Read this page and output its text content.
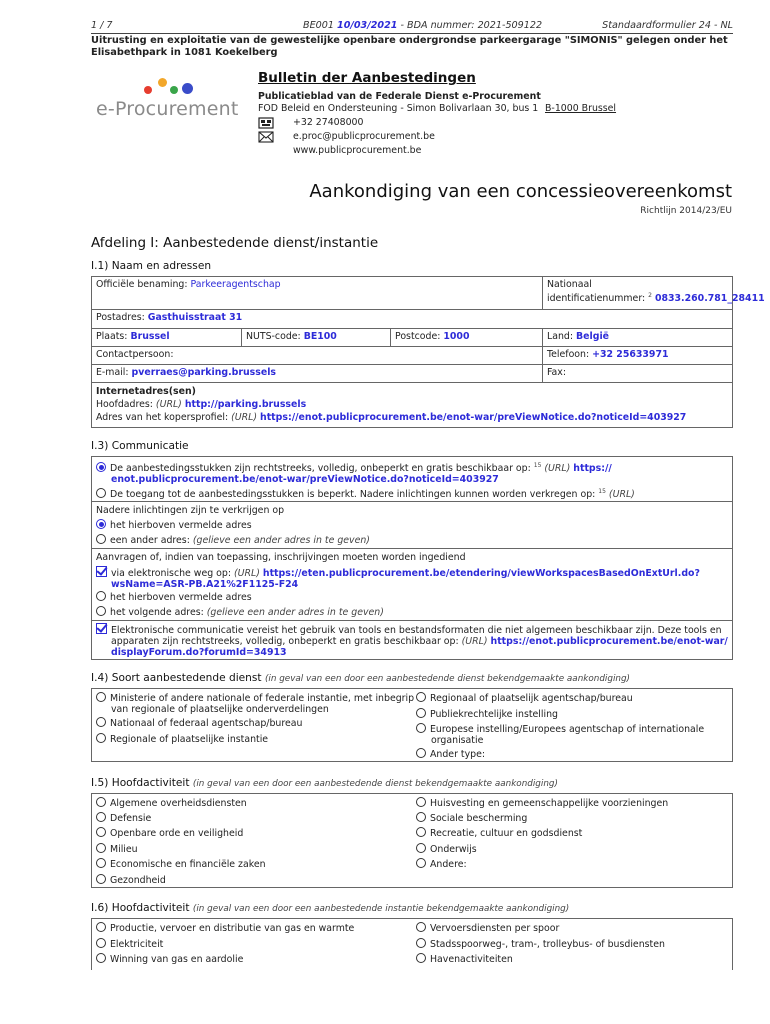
1 / 7	BE001 10/03/2021 - BDA nummer: 2021-509122	Standaardformulier 24 - NL
Uitrusting en exploitatie van de gewestelijke openbare ondergrondse parkeergarage "SIMONIS" gelegen onder het Elisabethpark in 1081 Koekelberg
e-Procurement
Bulletin der Aanbestedingen
Publicatieblad van de Federale Dienst e-Procurement
FOD Beleid en Ondersteuning - Simon Bolivarlaan 30, bus 1 B-1000 Brussel
+32 27408000
e.proc@publicprocurement.be
www.publicprocurement.be
Aankondiging van een concessieovereenkomst
Richtlijn 2014/23/EU
Afdeling I: Aanbestedende dienst/instantie
I.1) Naam en adressen
Officiële benaming: Parkeeragentschap	Nationaal
identificatienummer: $^2$ 0833.260.781_28411
Postadres: Gasthuisstraat 31
Plaats: Brussel	NUTS-code: BE100	Postcode: 1000	Land: België
Contactpersoon:	Telefoon: +32 25633971
E-mail: pverraes@parking.brussels	Fax:
Internetadres(sen)
Hoofdadres: (URL) http://parking.brussels
Adres van het kopersprofiel: (URL) https://enot.publicprocurement.be/enot-war/preViewNotice.do?noticeId=403927
I.3) Communicatie
De aanbestedingsstukken zijn rechtstreeks, volledig, onbeperkt en gratis beschikbaar op: $^{15}$ (URL) https://
enot.publicprocurement.be/enot-war/preViewNotice.do?noticeId=403927
De toegang tot de aanbestedingsstukken is beperkt. Nadere inlichtingen kunnen worden verkregen op: $^{15}$ (URL)
Nadere inlichtingen zijn te verkrijgen op
het hierboven vermelde adres
een ander adres: (gelieve een ander adres in te geven)
Aanvragen of, indien van toepassing, inschrijvingen moeten worden ingediend
via elektronische weg op: (URL) https://eten.publicprocurement.be/etendering/viewWorkspacesBasedOnExtUrl.do?
wsName=ASR-PB.A21%2F1125-F24
het hierboven vermelde adres
het volgende adres: (gelieve een ander adres in te geven)
Elektronische communicatie vereist het gebruik van tools en bestandsformaten die niet algemeen beschikbaar zijn. Deze tools en
apparaten zijn rechtstreeks, volledig, onbeperkt en gratis beschikbaar op: (URL) https://enot.publicprocurement.be/enot-war/
displayForum.do?forumId=34913
I.4) Soort aanbestedende dienst (in geval van een door een aanbestedende dienst bekendgemaakte aankondiging)
Ministerie of andere nationale of federale instantie, met inbegrip
van regionale of plaatselijke onderverdelingen
Nationaal of federaal agentschap/bureau
Regionale of plaatselijke instantie
Regionaal of plaatselijk agentschap/bureau
Publiekrechtelijke instelling
Europese instelling/Europees agentschap of internationale
organisatie
Ander type:
I.5) Hoofdactiviteit (in geval van een door een aanbestedende dienst bekendgemaakte aankondiging)
Algemene overheidsdiensten
Defensie
Openbare orde en veiligheid
Milieu
Economische en financiële zaken
Gezondheid
Huisvesting en gemeenschappelijke voorzieningen
Sociale bescherming
Recreatie, cultuur en godsdienst
Onderwijs
Andere:
I.6) Hoofdactiviteit (in geval van een door een aanbestedende instantie bekendgemaakte aankondiging)
Productie, vervoer en distributie van gas en warmte
Elektriciteit
Winning van gas en aardolie
Vervoersdiensten per spoor
Stadsspoorweg-, tram-, trolleybus- of busdiensten
Havenactiviteiten
